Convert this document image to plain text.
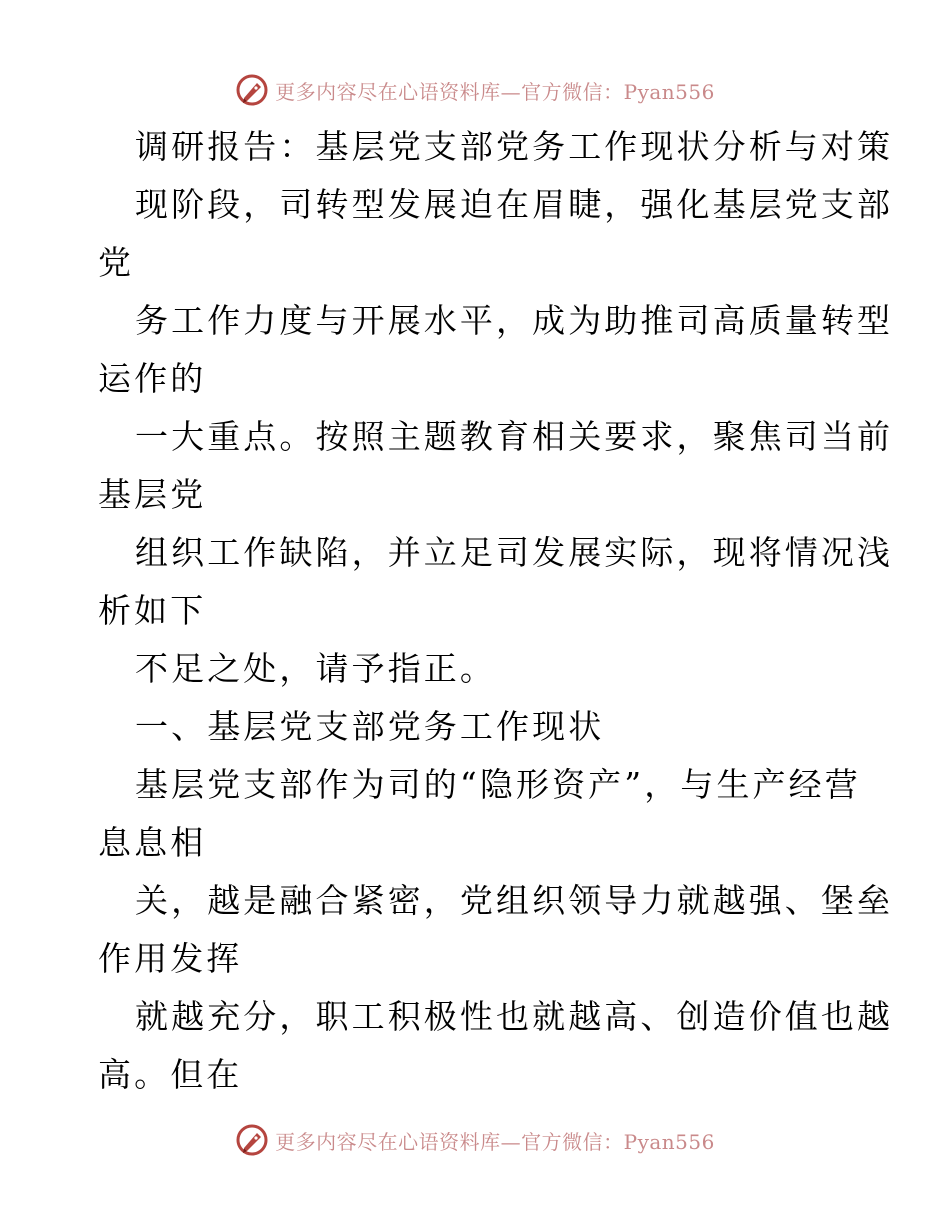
更多内容尽在心语资料库—官方微信：Pyan556
调研报告：基层党支部党务工作现状分析与对策
现阶段，司转型发展迫在眉睫，强化基层党支部
党
务工作力度与开展水平，成为助推司高质量转型
运作的
一大重点。按照主题教育相关要求，聚焦司当前
基层党
组织工作缺陷，并立足司发展实际，现将情况浅
析如下
不足之处，请予指正。
一、基层党支部党务工作现状
基层党支部作为司的“隐形资产”，与生产经营
息息相
关，越是融合紧密，党组织领导力就越强、堡垒
作用发挥
就越充分，职工积极性也就越高、创造价值也越
高。但在
更多内容尽在心语资料库—官方微信：Pyan556
